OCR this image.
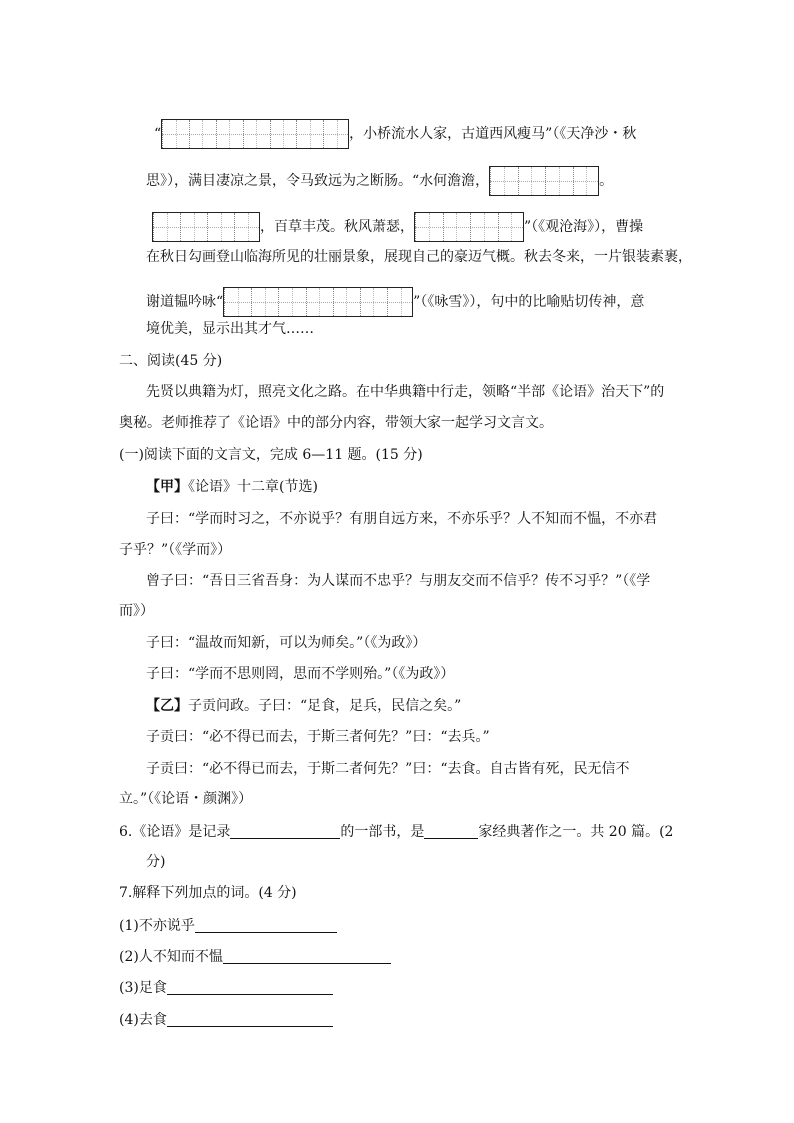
“	，小桥流水人家，古道西风瘦马”（《天净沙・秋
思》），满目凄凉之景，令马致远为之断肠。“水何澹澹，	。
，百草丰茂。秋风萧瑟，	”（《观沧海》），曹操
在秋日勾画登山临海所见的壮丽景象，展现自己的豪迈气概。秋去冬来，一片银装素裹，
谢道韫吟咏“	”（《咏雪》），句中的比喻贴切传神，意
境优美，显示出其才气……
二、阅读(45 分)
先贤以典籍为灯，照亮文化之路。在中华典籍中行走，领略“半部《论语》治天下”的
奥秘。老师推荐了《论语》中的部分内容，带领大家一起学习文言文。
(一)阅读下面的文言文，完成 6—11 题。(15 分)
【甲】《论语》十二章(节选)
子曰：“学而时习之，不亦说乎？有朋自远方来，不亦乐乎？人不知而不愠，不亦君
子乎？”（《学而》）
曾子曰：“吾日三省吾身：为人谋而不忠乎？与朋友交而不信乎？传不习乎？”（《学
而》）
子曰：“温故而知新，可以为师矣。”（《为政》）
子曰：“学而不思则罔，思而不学则殆。”（《为政》）
【乙】子贡问政。子曰：“足食，足兵，民信之矣。”
子贡曰：“必不得已而去，于斯三者何先？”曰：“去兵。”
子贡曰：“必不得已而去，于斯二者何先？”曰：“去食。自古皆有死，民无信不
立。”（《论语・颜渊》）
6.《论语》是记录	的一部书，是	家经典著作之一。共 20 篇。(2
分)
7.解释下列加点的词。(4 分)
(1)不亦说乎
(2)人不知而不愠
(3)足食
(4)去食
